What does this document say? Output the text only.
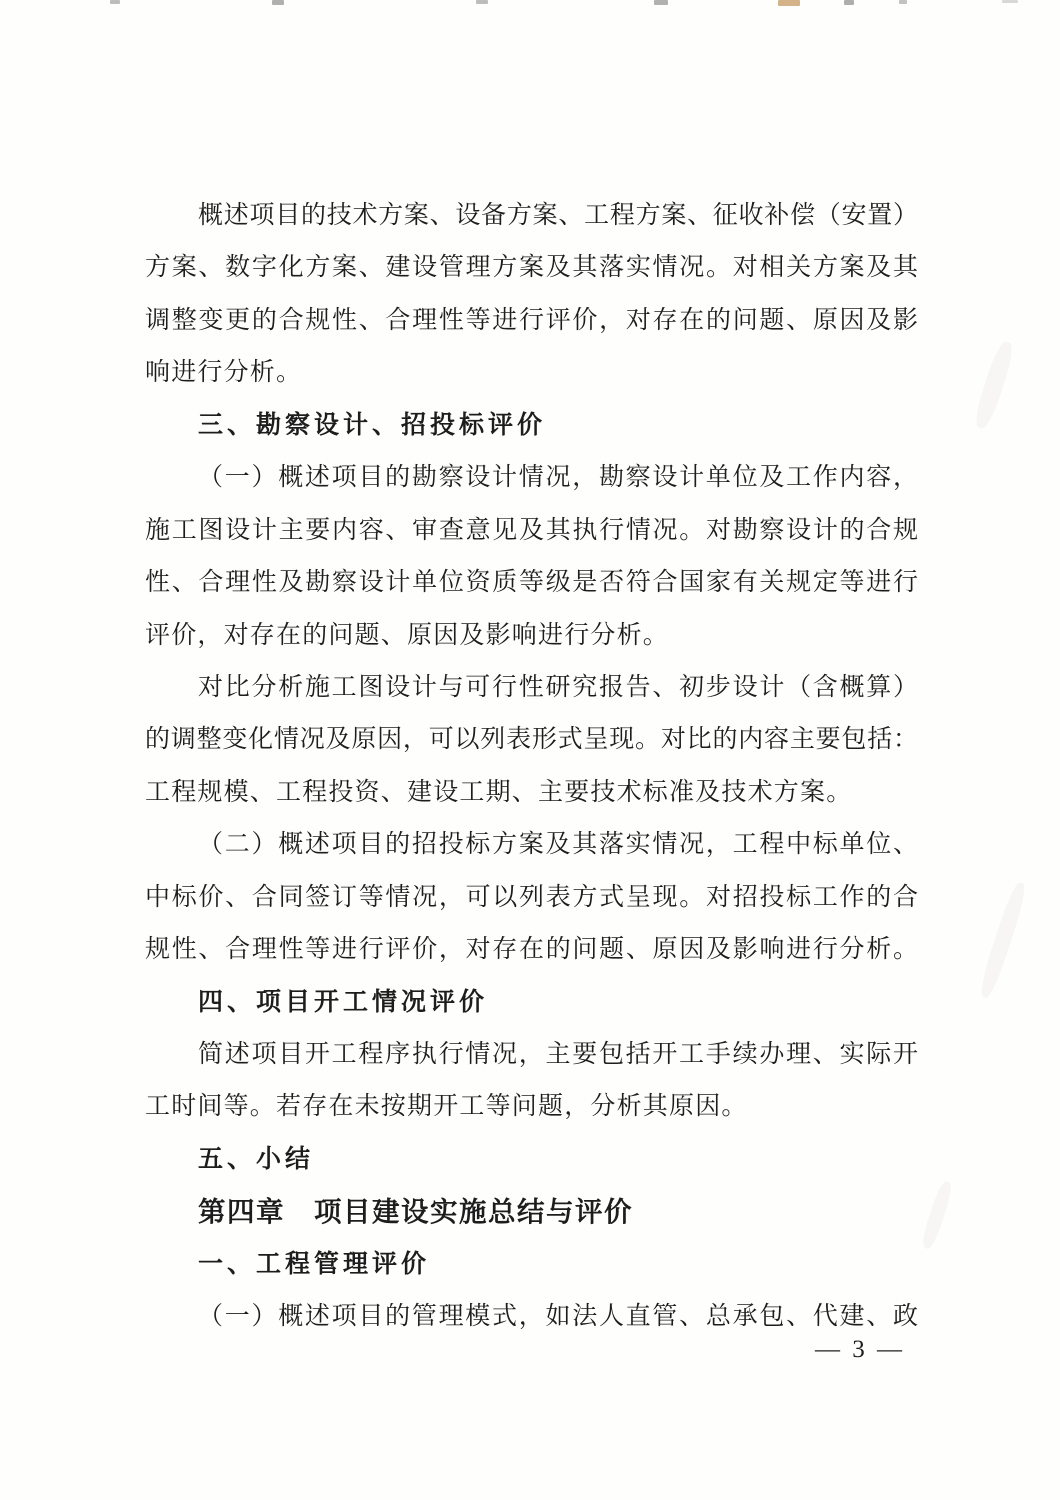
概述项目的技术方案、设备方案、工程方案、征收补偿（安置）
方案、数字化方案、建设管理方案及其落实情况。对相关方案及其
调整变更的合规性、合理性等进行评价，对存在的问题、原因及影
响进行分析。
三、勘察设计、招投标评价
（一）概述项目的勘察设计情况，勘察设计单位及工作内容，
施工图设计主要内容、审查意见及其执行情况。对勘察设计的合规
性、合理性及勘察设计单位资质等级是否符合国家有关规定等进行
评价，对存在的问题、原因及影响进行分析。
对比分析施工图设计与可行性研究报告、初步设计（含概算）
的调整变化情况及原因，可以列表形式呈现。对比的内容主要包括：
工程规模、工程投资、建设工期、主要技术标准及技术方案。
（二）概述项目的招投标方案及其落实情况，工程中标单位、
中标价、合同签订等情况，可以列表方式呈现。对招投标工作的合
规性、合理性等进行评价，对存在的问题、原因及影响进行分析。
四、项目开工情况评价
简述项目开工程序执行情况，主要包括开工手续办理、实际开
工时间等。若存在未按期开工等问题，分析其原因。
五、小结
第四章　项目建设实施总结与评价
一、工程管理评价
（一）概述项目的管理模式，如法人直管、总承包、代建、政
— 3 —
